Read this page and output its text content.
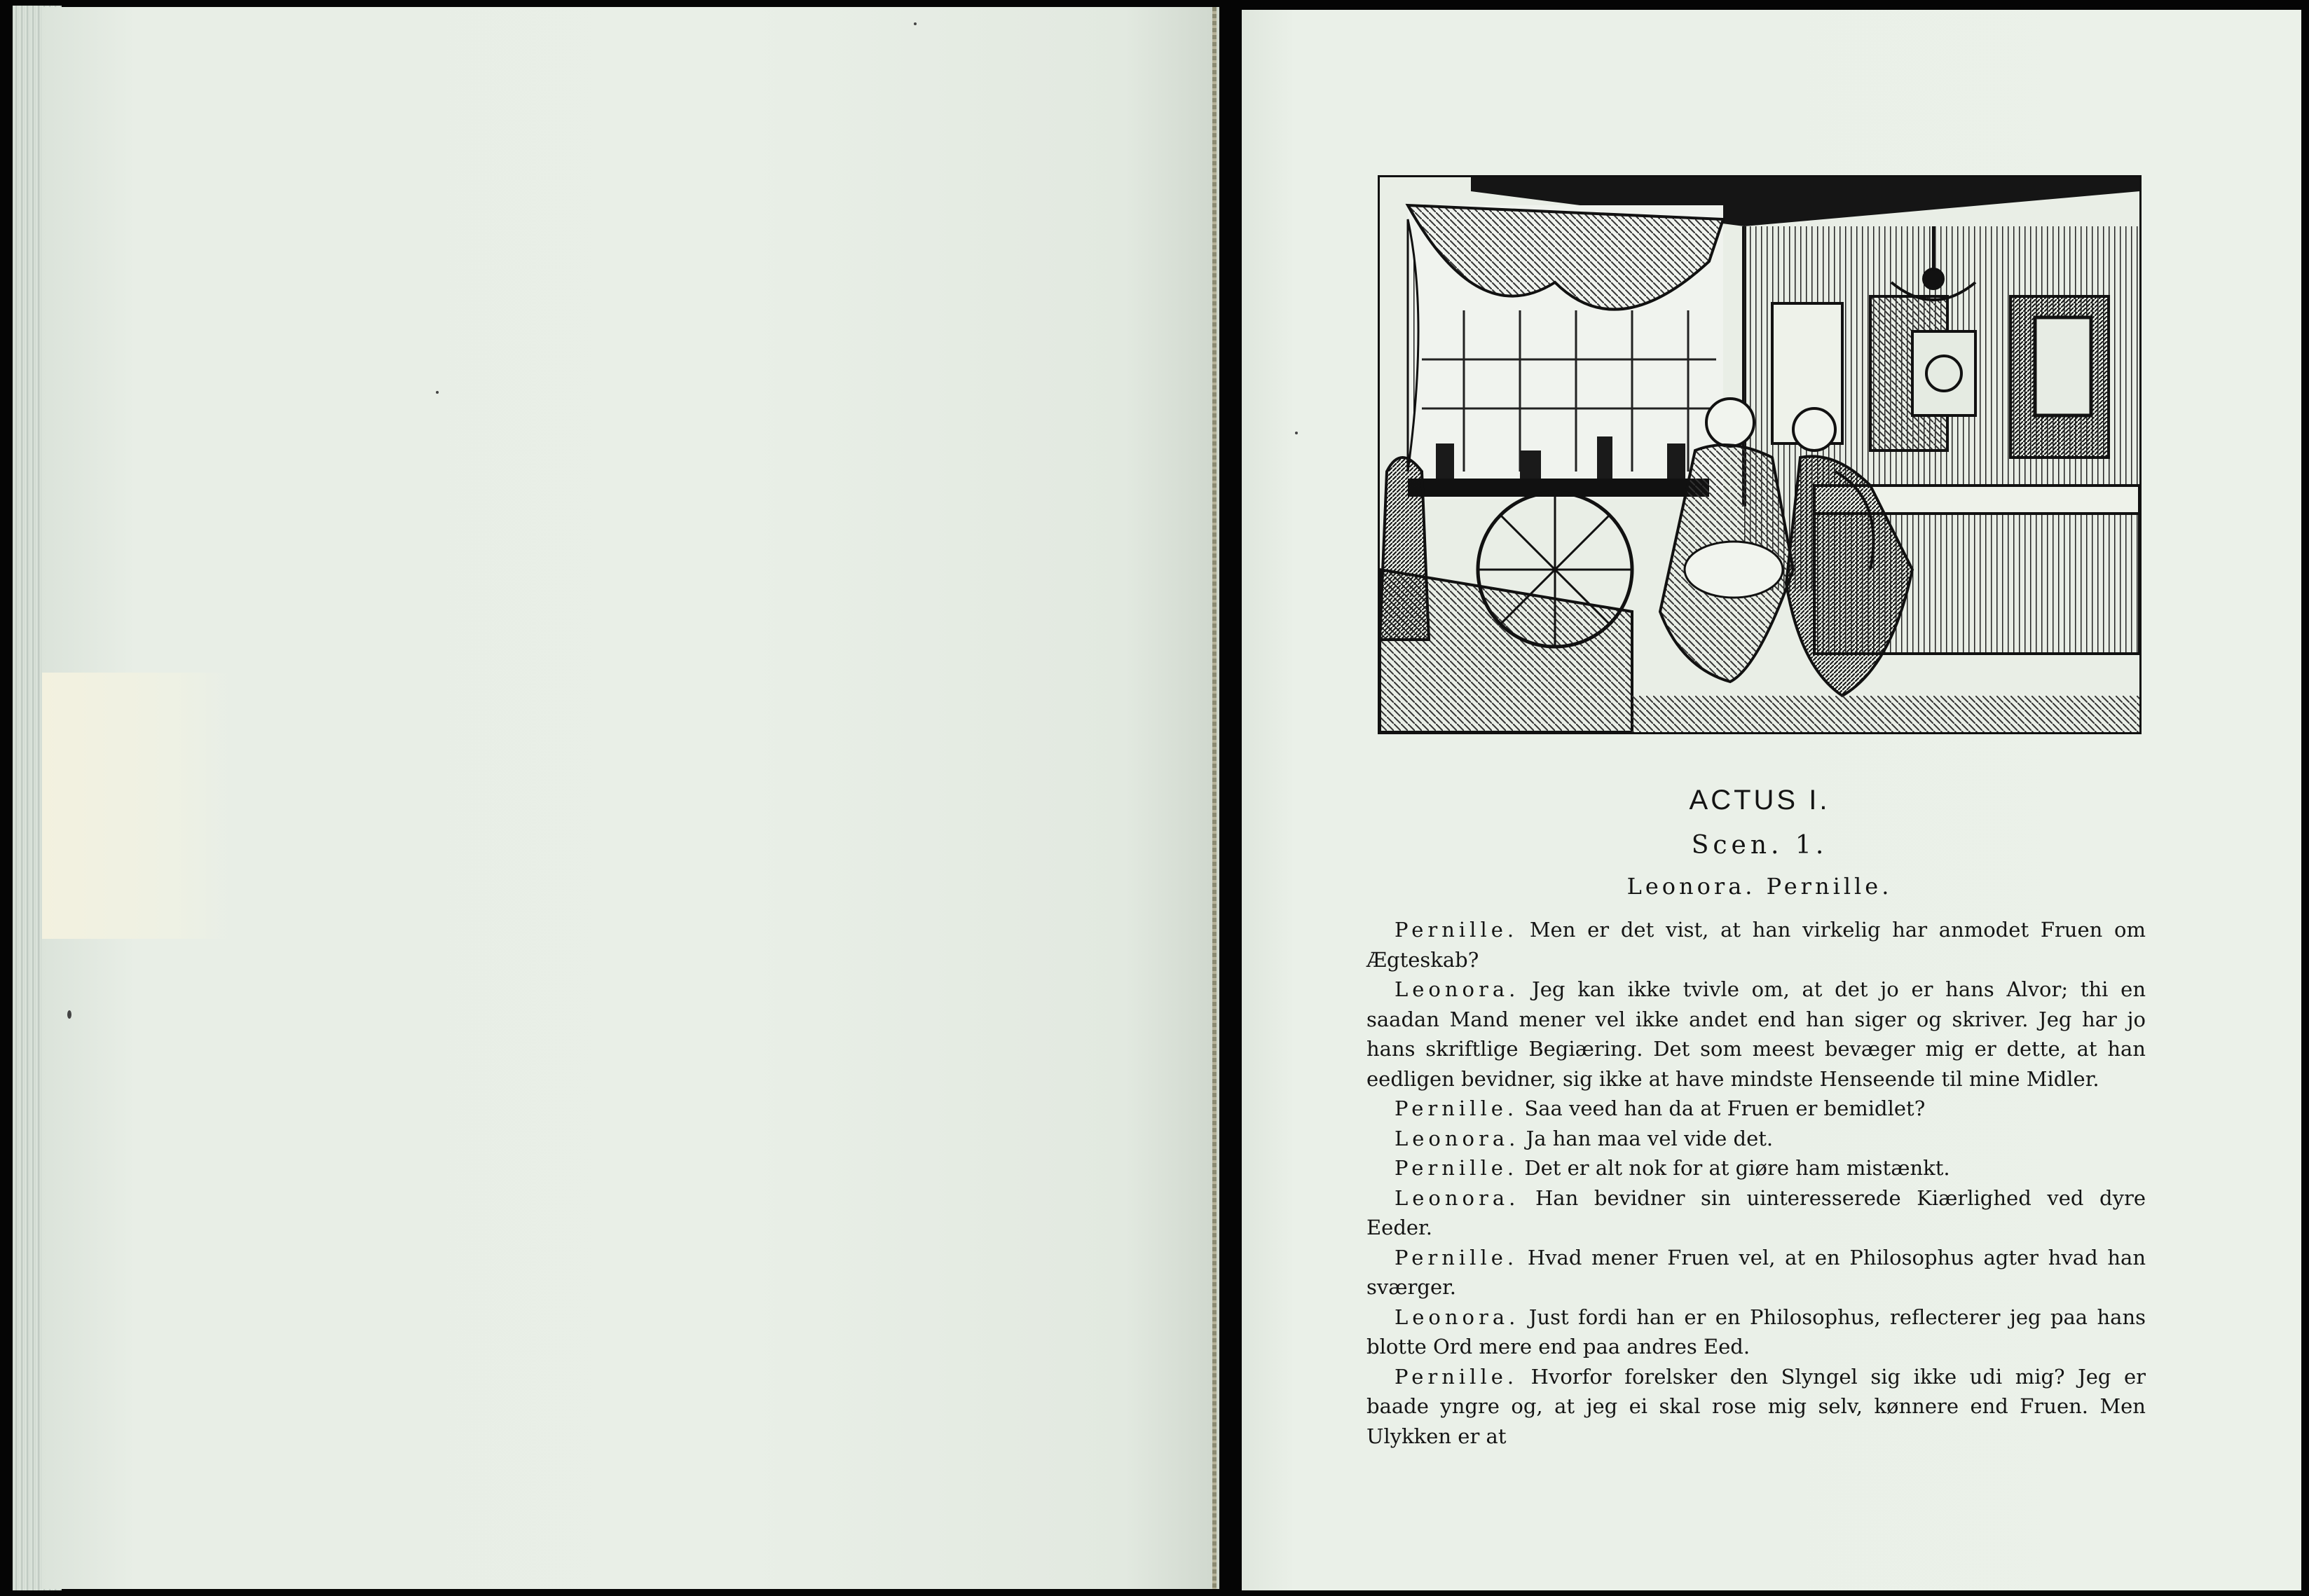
ACTUS I.
Scen. 1.
Leonora. Pernille.

Pernille. Men er det vist, at han virkelig har anmodet Fruen om Ægteskab?

Leonora. Jeg kan ikke tvivle om, at det jo er hans Alvor; thi en saadan Mand mener vel ikke andet end han siger og skriver. Jeg har jo hans skriftlige Begiæring. Det som meest bevæger mig er dette, at han eedligen bevidner, sig ikke at have mindste Henseende til mine Midler.

Pernille. Saa veed han da at Fruen er bemidlet?

Leonora. Ja han maa vel vide det.

Pernille. Det er alt nok for at giøre ham mistænkt.

Leonora. Han bevidner sin uinteresserede Kiærlighed ved dyre Eeder.

Pernille. Hvad mener Fruen vel, at en Philosophus agter hvad han sværger.

Leonora. Just fordi han er en Philosophus, reflecterer jeg paa hans blotte Ord mere end paa andres Eed.

Pernille. Hvorfor forelsker den Slyngel sig ikke udi mig? Jeg er baade yngre og, at jeg ei skal rose mig selv, kønnere end Fruen. Men Ulykken er at
